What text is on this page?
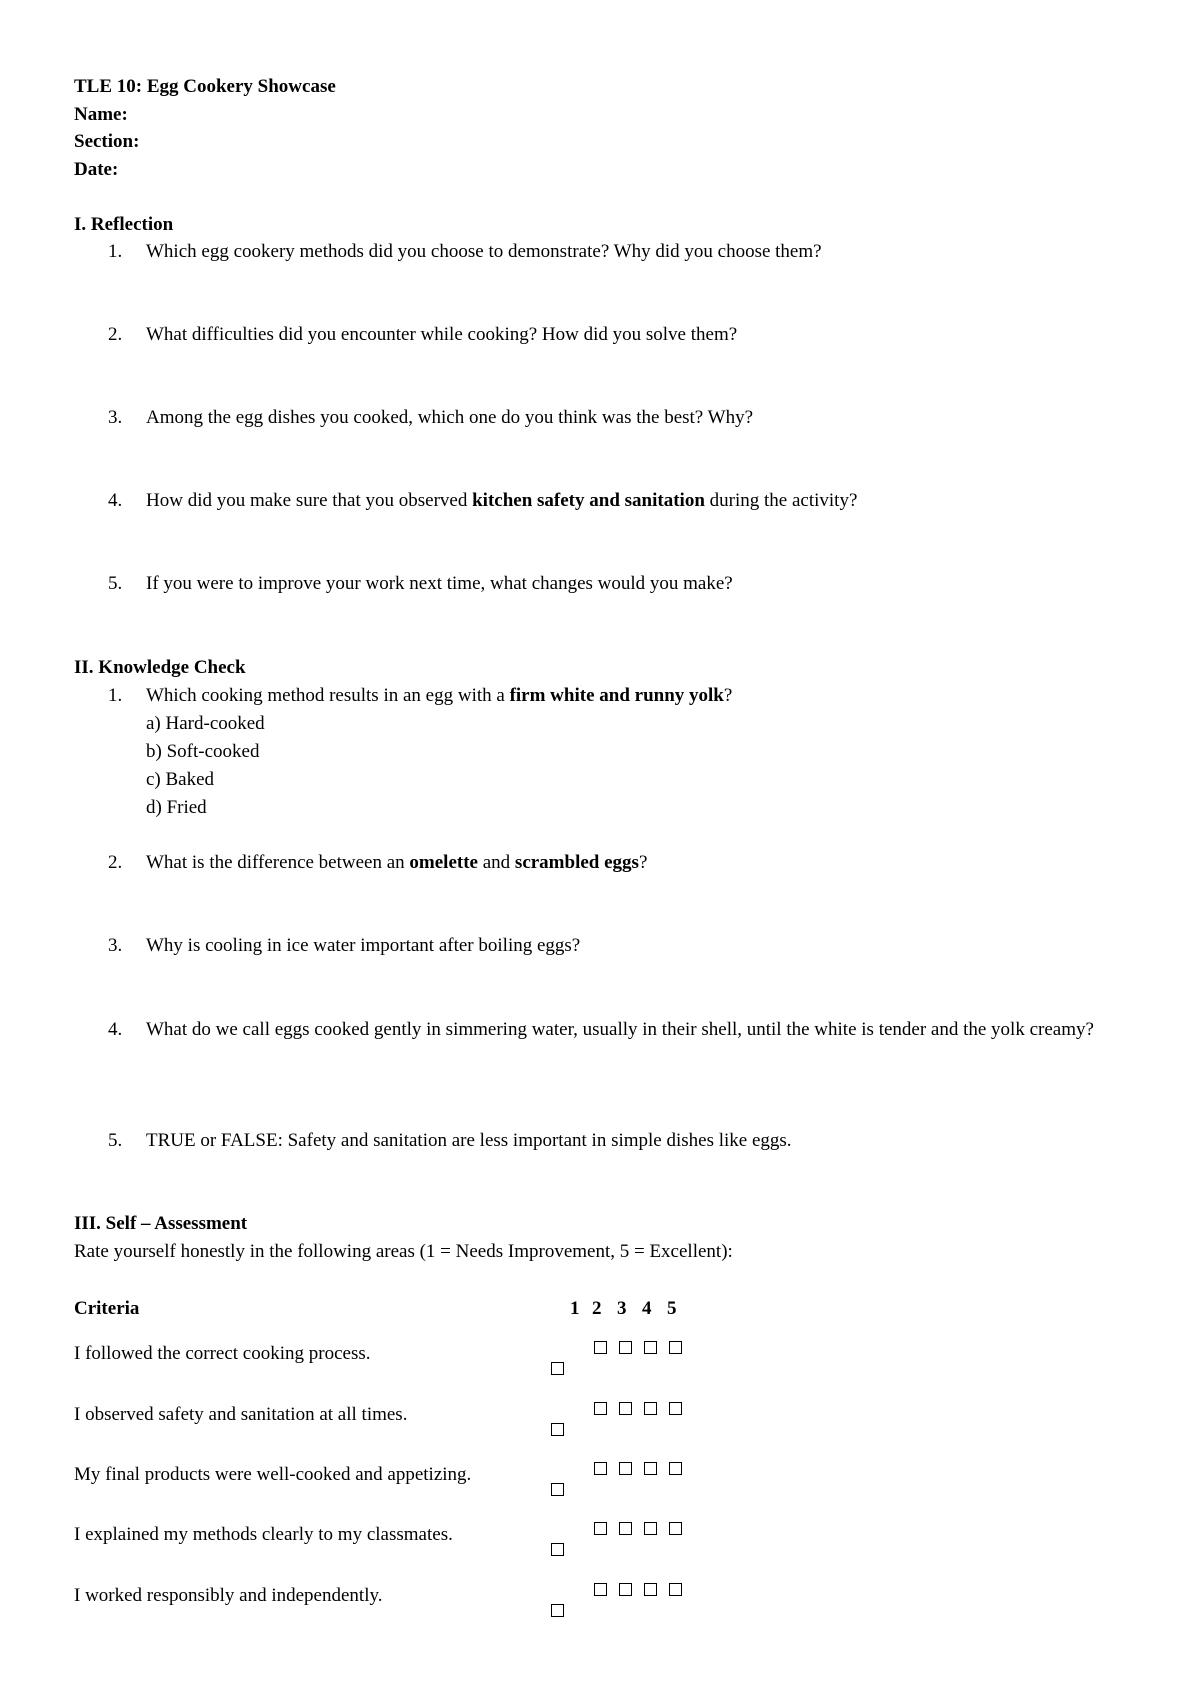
TLE 10: Egg Cookery Showcase
Name:
Section:
Date:
I. Reflection
1. Which egg cookery methods did you choose to demonstrate? Why did you choose them?
2. What difficulties did you encounter while cooking? How did you solve them?
3. Among the egg dishes you cooked, which one do you think was the best? Why?
4. How did you make sure that you observed kitchen safety and sanitation during the activity?
5. If you were to improve your work next time, what changes would you make?
II. Knowledge Check
1. Which cooking method results in an egg with a firm white and runny yolk?
a) Hard-cooked
b) Soft-cooked
c) Baked
d) Fried
2. What is the difference between an omelette and scrambled eggs?
3. Why is cooling in ice water important after boiling eggs?
4. What do we call eggs cooked gently in simmering water, usually in their shell, until the white is tender and the yolk creamy?
5. TRUE or FALSE: Safety and sanitation are less important in simple dishes like eggs.
III. Self – Assessment
Rate yourself honestly in the following areas (1 = Needs Improvement, 5 = Excellent):
Criteria	1 2 3 4 5
I followed the correct cooking process.
I observed safety and sanitation at all times.
My final products were well-cooked and appetizing.
I explained my methods clearly to my classmates.
I worked responsibly and independently.
